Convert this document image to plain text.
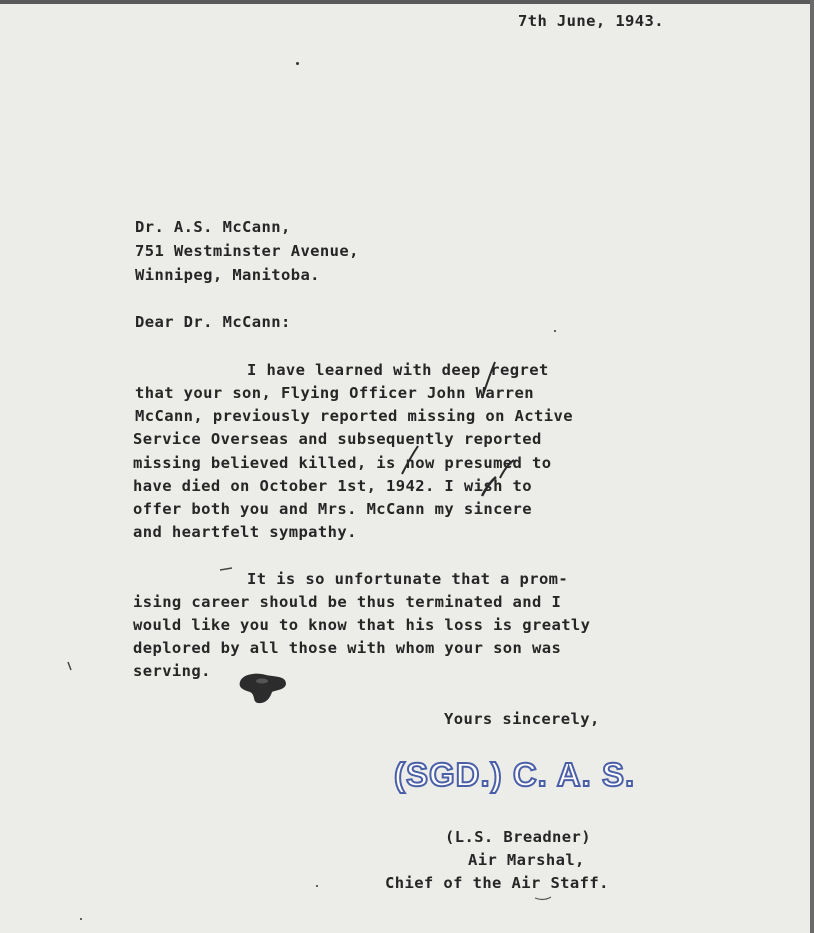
7th June, 1943.
Dr. A.S. McCann,
751 Westminster Avenue,
Winnipeg, Manitoba.
Dear Dr. McCann:
I have learned with deep regret
that your son, Flying Officer John Warren
McCann, previously reported missing on Active
Service Overseas and subsequently reported
missing believed killed, is now presumed to
have died on October 1st, 1942. I wish to
offer both you and Mrs. McCann my sincere
and heartfelt sympathy.
It is so unfortunate that a prom-
ising career should be thus terminated and I
would like you to know that his loss is greatly
deplored by all those with whom your son was
serving.
Yours sincerely,
(SGD.) C. A. S.
(L.S. Breadner)
Air Marshal,
Chief of the Air Staff.
